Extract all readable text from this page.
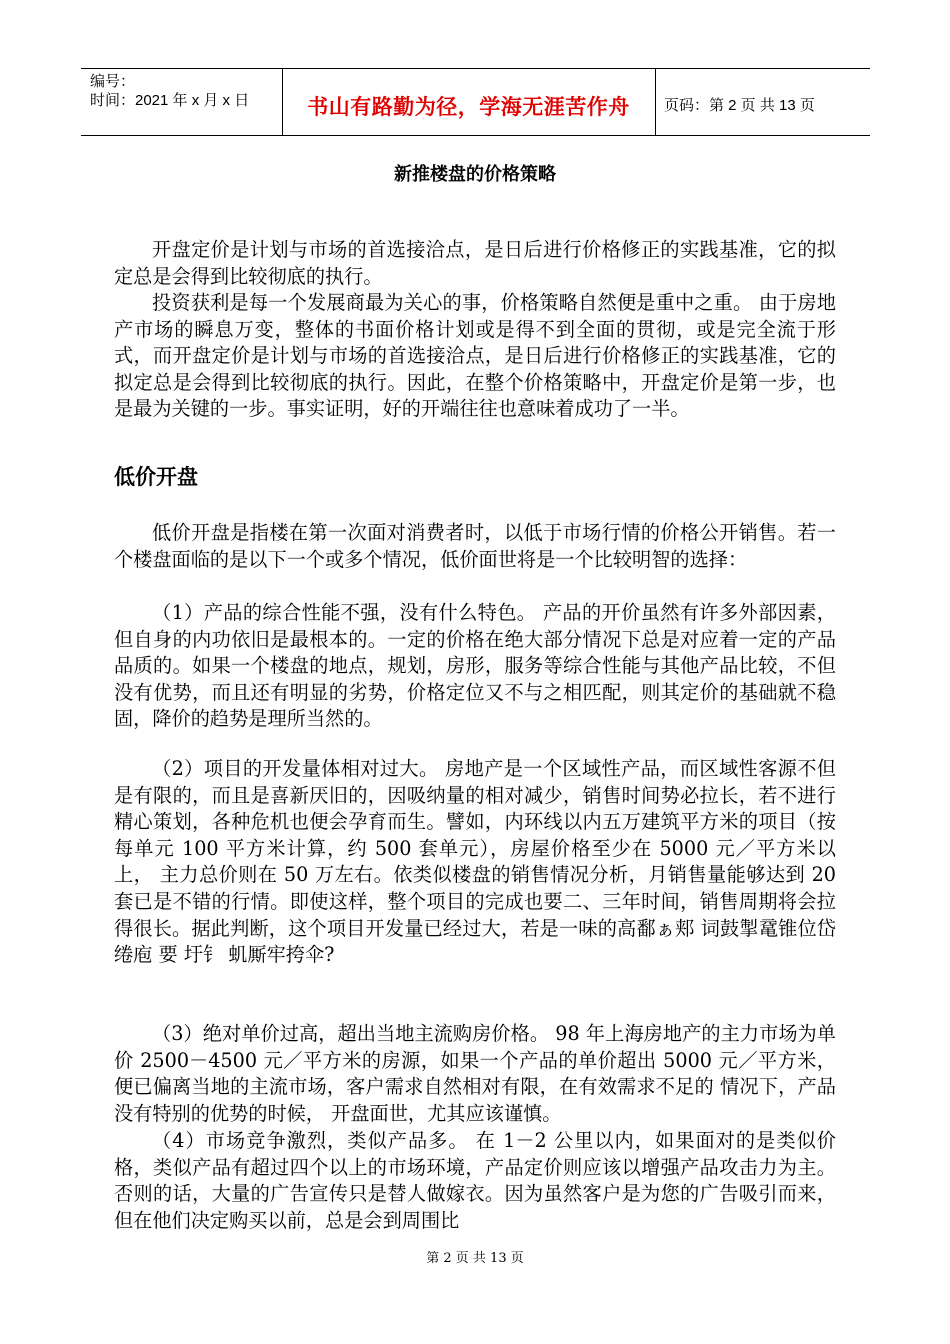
编号：
时间：2021 年 x 月 x 日	书山有路勤为径，学海无涯苦作舟	页码：第 2 页 共 13 页
新推楼盘的价格策略

开盘定价是计划与市场的首选接洽点，是日后进行价格修正的实践基准，它的拟定总是会得到比较彻底的执行。

投资获利是每一个发展商最为关心的事，价格策略自然便是重中之重。 由于房地产市场的瞬息万变，整体的书面价格计划或是得不到全面的贯彻，或是完全流于形式，而开盘定价是计划与市场的首选接洽点，是日后进行价格修正的实践基准，它的拟定总是会得到比较彻底的执行。因此，在整个价格策略中，开盘定价是第一步，也是最为关键的一步。事实证明，好的开端往往也意味着成功了一半。

低价开盘

低价开盘是指楼在第一次面对消费者时，以低于市场行情的价格公开销售。若一个楼盘面临的是以下一个或多个情况，低价面世将是一个比较明智的选择：

（1）产品的综合性能不强，没有什么特色。 产品的开价虽然有许多外部因素，但自身的内功依旧是最根本的。一定的价格在绝大部分情况下总是对应着一定的产品品质的。如果一个楼盘的地点，规划，房形，服务等综合性能与其他产品比较，不但没有优势，而且还有明显的劣势，价格定位又不与之相匹配，则其定价的基础就不稳固，降价的趋势是理所当然的。

（2）项目的开发量体相对过大。 房地产是一个区域性产品，而区域性客源不但是有限的，而且是喜新厌旧的，因吸纳量的相对减少，销售时间势必拉长，若不进行精心策划，各种危机也便会孕育而生。譬如，内环线以内五万建筑平方米的项目（按每单元 100 平方米计算，约 500 套单元），房屋价格至少在 5000 元／平方米以上， 主力总价则在 50 万左右。依类似楼盘的销售情况分析，月销售量能够达到 20 套已是不错的行情。即使这样，整个项目的完成也要二、三年时间，销售周期将会拉得很长。据此判断，这个项目开发量已经过大，若是一味的高鄱ぁ郏 词鼓掣鼋锥位岱绻庖 要 圩钅 虮厮牢挎伞?

（3）绝对单价过高，超出当地主流购房价格。 98 年上海房地产的主力市场为单价 2500－4500 元／平方米的房源，如果一个产品的单价超出 5000 元／平方米，便已偏离当地的主流市场，客户需求自然相对有限，在有效需求不足的 情况下，产品没有特别的优势的时候， 开盘面世，尤其应该谨慎。

（4）市场竞争激烈，类似产品多。 在 1－2 公里以内，如果面对的是类似价格，类似产品有超过四个以上的市场环境，产品定价则应该以增强产品攻击力为主。否则的话，大量的广告宣传只是替人做嫁衣。因为虽然客户是为您的广告吸引而来，但在他们决定购买以前，总是会到周围比

第 2 页 共 13 页
